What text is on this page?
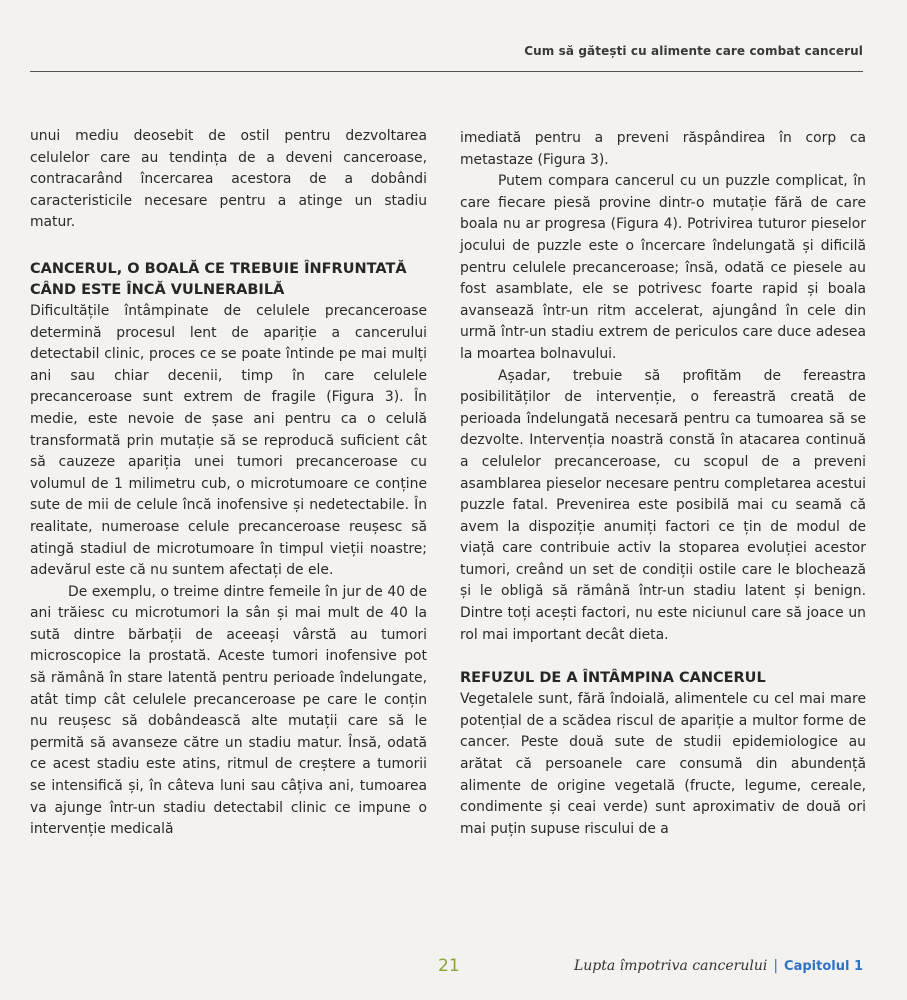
Cum să gătești cu alimente care combat cancerul

unui mediu deosebit de ostil pentru dezvoltarea celulelor care au tendința de a deveni canceroase, contracarând încercarea acestora de a dobândi caracteristicile necesare pentru a atinge un stadiu matur.

CANCERUL, O BOALĂ CE TREBUIE ÎNFRUNTATĂ CÂND ESTE ÎNCĂ VULNERABILĂ

Dificultățile întâmpinate de celulele precanceroase determină procesul lent de apariție a cancerului detectabil clinic, proces ce se poate întinde pe mai mulți ani sau chiar decenii, timp în care celulele precanceroase sunt extrem de fragile (Figura 3). În medie, este nevoie de șase ani pentru ca o celulă transformată prin mutație să se reproducă suficient cât să cauzeze apariția unei tumori precanceroase cu volumul de 1 milimetru cub, o microtumoare ce conține sute de mii de celule încă inofensive și nedetectabile. În realitate, numeroase celule precanceroase reușesc să atingă stadiul de microtumoare în timpul vieții noastre; adevărul este că nu suntem afectați de ele.

De exemplu, o treime dintre femeile în jur de 40 de ani trăiesc cu microtumori la sân și mai mult de 40 la sută dintre bărbații de aceeași vârstă au tumori microscopice la prostată. Aceste tumori inofensive pot să rămână în stare latentă pentru perioade îndelungate, atât timp cât celulele precanceroase pe care le conțin nu reușesc să dobândească alte mutații care să le permită să avanseze către un stadiu matur. Însă, odată ce acest stadiu este atins, ritmul de creștere a tumorii se intensifică și, în câteva luni sau câțiva ani, tumoarea va ajunge într-un stadiu detectabil clinic ce impune o intervenție medicală

imediată pentru a preveni răspândirea în corp ca metastaze (Figura 3).

Putem compara cancerul cu un puzzle complicat, în care fiecare piesă provine dintr-o mutație fără de care boala nu ar progresa (Figura 4). Potrivirea tuturor pieselor jocului de puzzle este o încercare îndelungată și dificilă pentru celulele precanceroase; însă, odată ce piesele au fost asamblate, ele se potrivesc foarte rapid și boala avansează într-un ritm accelerat, ajungând în cele din urmă într-un stadiu extrem de periculos care duce adesea la moartea bolnavului.

Așadar, trebuie să profităm de fereastra posibilităților de intervenție, o fereastră creată de perioada îndelungată necesară pentru ca tumoarea să se dezvolte. Intervenția noastră constă în atacarea continuă a celulelor precanceroase, cu scopul de a preveni asamblarea pieselor necesare pentru completarea acestui puzzle fatal. Prevenirea este posibilă mai cu seamă că avem la dispoziție anumiți factori ce țin de modul de viață care contribuie activ la stoparea evoluției acestor tumori, creând un set de condiții ostile care le blochează și le obligă să rămână într-un stadiu latent și benign. Dintre toți acești factori, nu este niciunul care să joace un rol mai important decât dieta.

REFUZUL DE A ÎNTÂMPINA CANCERUL

Vegetalele sunt, fără îndoială, alimentele cu cel mai mare potențial de a scădea riscul de apariție a multor forme de cancer. Peste două sute de studii epidemiologice au arătat că persoanele care consumă din abundență alimente de origine vegetală (fructe, legume, cereale, condimente și ceai verde) sunt aproximativ de două ori mai puțin supuse riscului de a

21	Lupta împotriva cancerului | Capitolul 1
